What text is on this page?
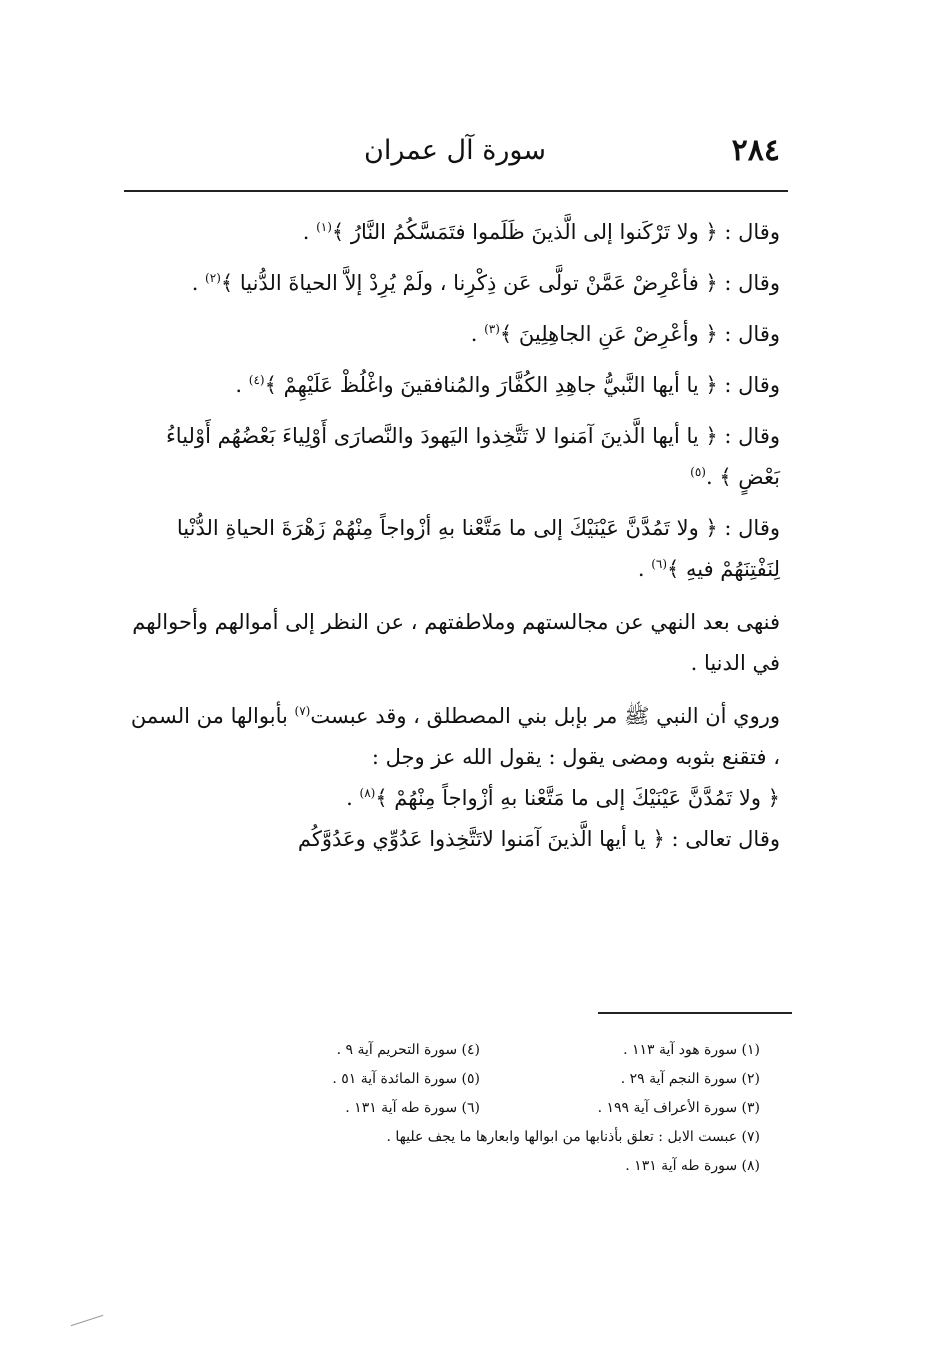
٢٨٤
سورة آل عمران

وقال : ﴿ ولا تَرْكَنوا إلى الَّذينَ ظَلَموا فتَمَسَّكُمُ النَّارُ ﴾$^{(١)}$ .

وقال : ﴿ فأعْرِضْ عَمَّنْ تولَّى عَن ذِكْرِنا ، ولَمْ يُرِدْ إلاَّ الحياةَ الدُّنيا ﴾$^{(٢)}$ .

وقال : ﴿ وأعْرِضْ عَنِ الجاهِلِينَ ﴾$^{(٣)}$ .

وقال : ﴿ يا أيها النَّبيُّ جاهِدِ الكُفَّارَ والمُنافقينَ واغْلُظْ عَلَيْهِمْ ﴾$^{(٤)}$ .

وقال : ﴿ يا أيها الَّذينَ آمَنوا لا تَتَّخِذوا اليَهودَ والنَّصارَى أَوْلِياءَ بَعْضُهُم أَوْلياءُ بَعْضٍ ﴾ .$^{(٥)}$

وقال : ﴿ ولا تَمُدَّنَّ عَيْنَيْكَ إلى ما مَتَّعْنا بهِ أزْواجاً مِنْهُمْ زَهْرَةَ الحياةِ الدُّنْيا لِنَفْتِنَهُمْ فيهِ ﴾$^{(٦)}$ .

فنهى بعد النهي عن مجالستهم وملاطفتهم ، عن النظر إلى أموالهم وأحوالهم في الدنيا .

وروي أن النبي ﷺ مر بإبل بني المصطلق ، وقد عبست$^{(٧)}$ بأبوالها من السمن ، فتقنع بثوبه ومضى يقول : يقول الله عز وجل :
﴿ ولا تَمُدَّنَّ عَيْنَيْكَ إلى ما مَتَّعْنا بهِ أزْواجاً مِنْهُمْ ﴾$^{(٨)}$ .
وقال تعالى : ﴿ يا أيها الَّذينَ آمَنوا لاتَتَّخِذوا عَدُوِّي وعَدُوَّكُم

(١) سورة هود آية ١١٣ .
(٤) سورة التحريم آية ٩ .
(٢) سورة النجم آية ٢٩ .
(٥) سورة المائدة آية ٥١ .
(٣) سورة الأعراف آية ١٩٩ .
(٦) سورة طه آية ١٣١ .
(٧) عبست الابل : تعلق بأذنابها من ابوالها وابعارها ما يجف عليها .
(٨) سورة طه آية ١٣١ .
